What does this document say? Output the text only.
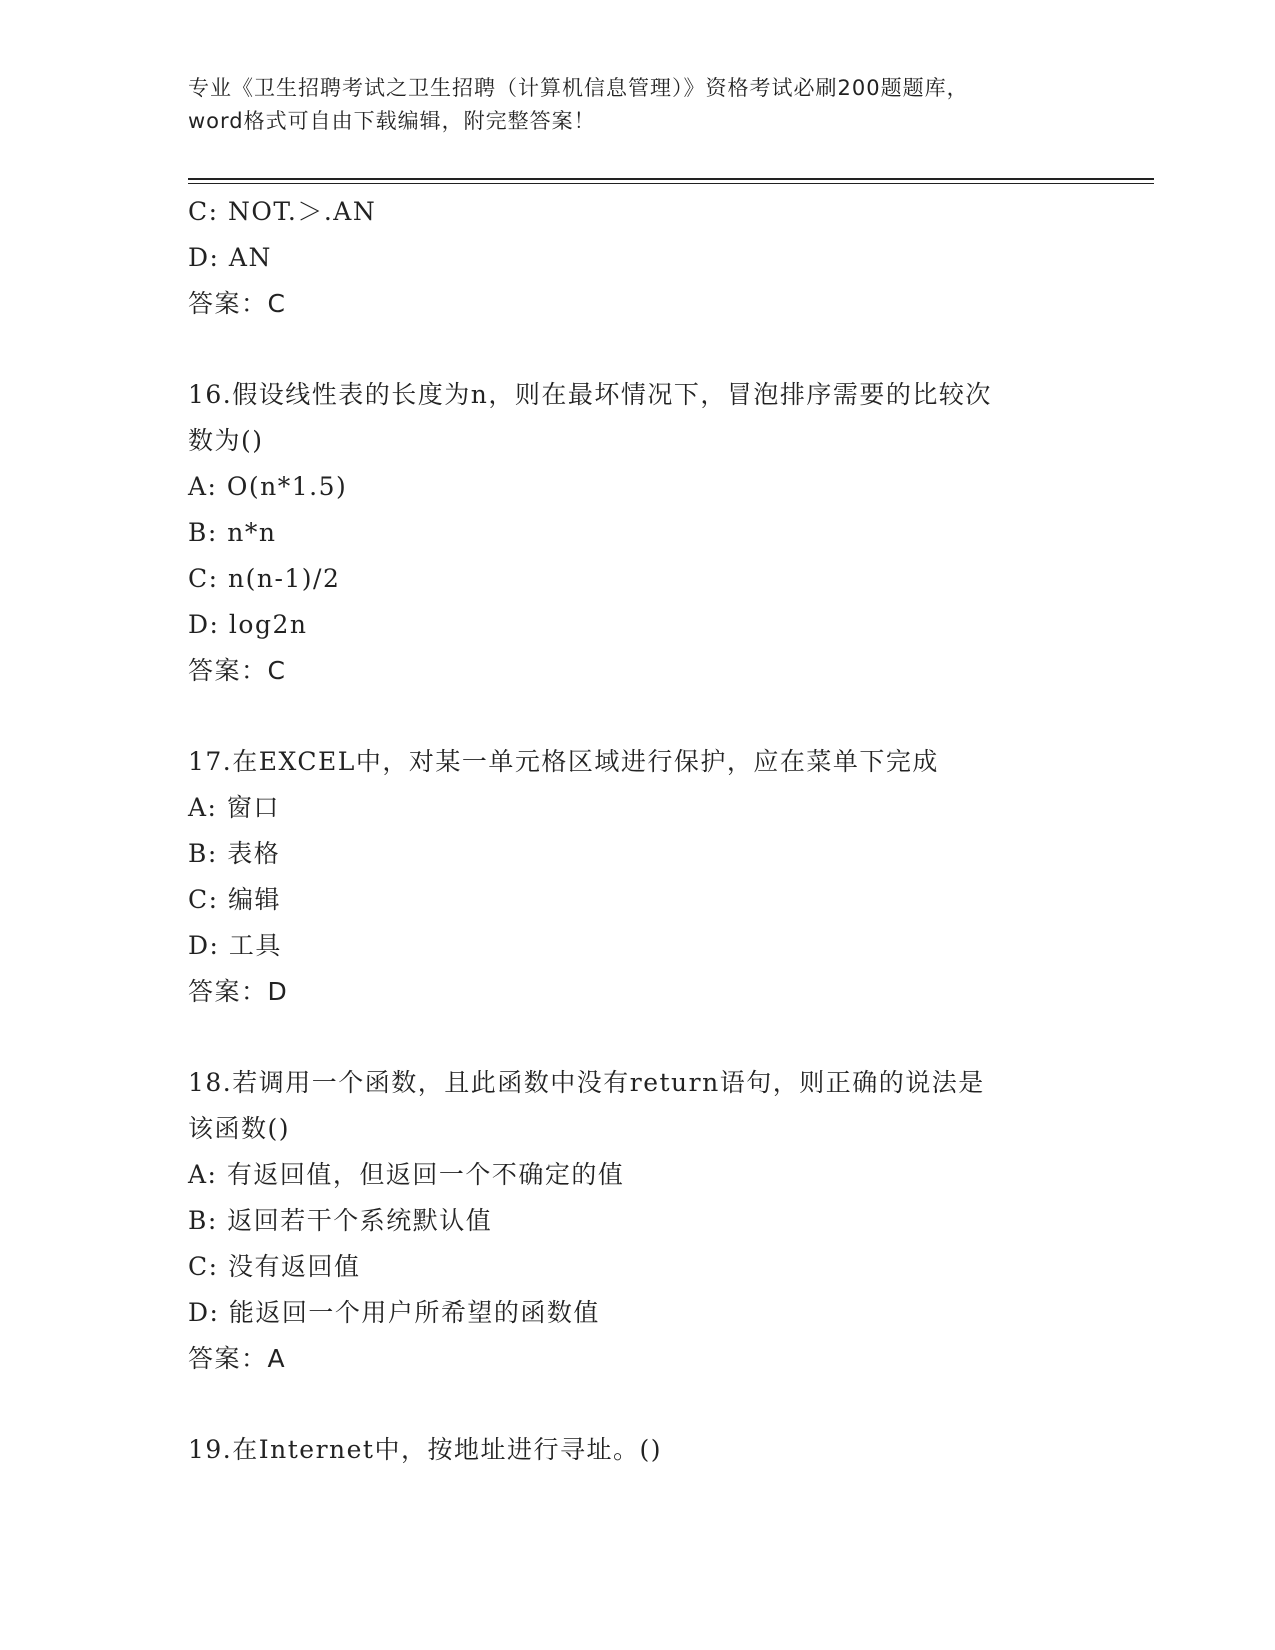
专业《卫生招聘考试之卫生招聘（计算机信息管理）》资格考试必刷200题题库，
word格式可自由下载编辑，附完整答案！
C: NOT.＞.AN
D: AN
答案：C
16.假设线性表的长度为n，则在最坏情况下，冒泡排序需要的比较次
数为()
A: O(n*1.5)
B: n*n
C: n(n-1)/2
D: log2n
答案：C
17.在EXCEL中，对某一单元格区域进行保护，应在菜单下完成
A: 窗口
B: 表格
C: 编辑
D: 工具
答案：D
18.若调用一个函数，且此函数中没有return语句，则正确的说法是
该函数()
A: 有返回值，但返回一个不确定的值
B: 返回若干个系统默认值
C: 没有返回值
D: 能返回一个用户所希望的函数值
答案：A
19.在Internet中，按地址进行寻址。()
